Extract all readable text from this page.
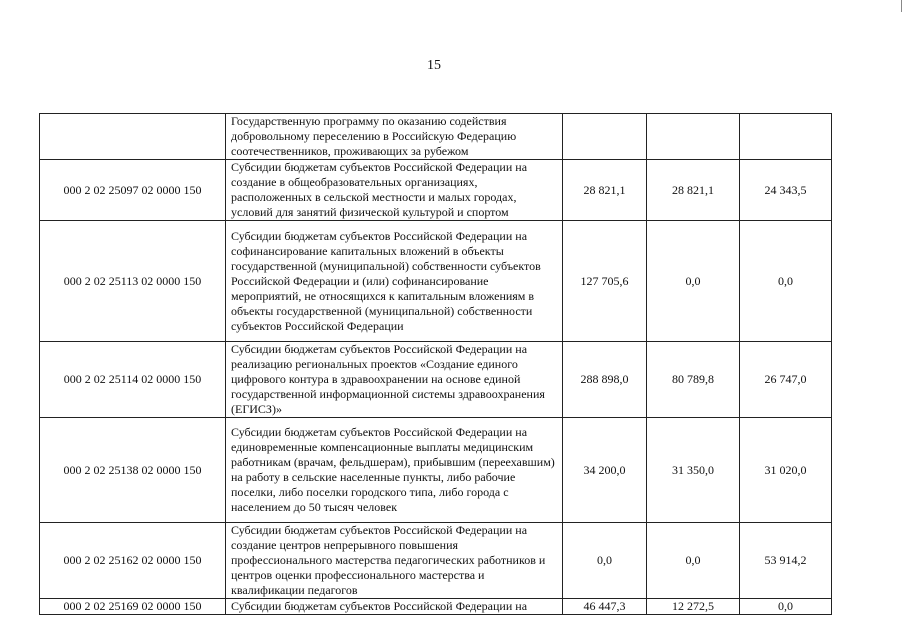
15
	Государственную программу по оказанию содействия добровольному переселению в Российскую Федерацию соотечественников, проживающих за рубежом			
000 2 02 25097 02 0000 150	Субсидии бюджетам субъектов Российской Федерации на создание в общеобразовательных организациях, расположенных в сельской местности и малых городах, условий для занятий физической культурой и спортом	28 821,1	28 821,1	24 343,5
000 2 02 25113 02 0000 150	Субсидии бюджетам субъектов Российской Федерации на софинансирование капитальных вложений в объекты государственной (муниципальной) собственности субъектов Российской Федерации и (или) софинансирование мероприятий, не относящихся к капитальным вложениям в объекты государственной (муниципальной) собственности субъектов Российской Федерации	127 705,6	0,0	0,0
000 2 02 25114 02 0000 150	Субсидии бюджетам субъектов Российской Федерации на реализацию региональных проектов «Создание единого цифрового контура в здравоохранении на основе единой государственной информационной системы здравоохранения (ЕГИСЗ)»	288 898,0	80 789,8	26 747,0
000 2 02 25138 02 0000 150	Субсидии бюджетам субъектов Российской Федерации на единовременные компенсационные выплаты медицинским работникам (врачам, фельдшерам), прибывшим (переехавшим) на работу в сельские населенные пункты, либо рабочие поселки, либо поселки городского типа, либо города с населением до 50 тысяч человек	34 200,0	31 350,0	31 020,0
000 2 02 25162 02 0000 150	Субсидии бюджетам субъектов Российской Федерации на создание центров непрерывного повышения профессионального мастерства педагогических работников и центров оценки профессионального мастерства и квалификации педагогов	0,0	0,0	53 914,2
000 2 02 25169 02 0000 150	Субсидии бюджетам субъектов Российской Федерации на	46 447,3	12 272,5	0,0
